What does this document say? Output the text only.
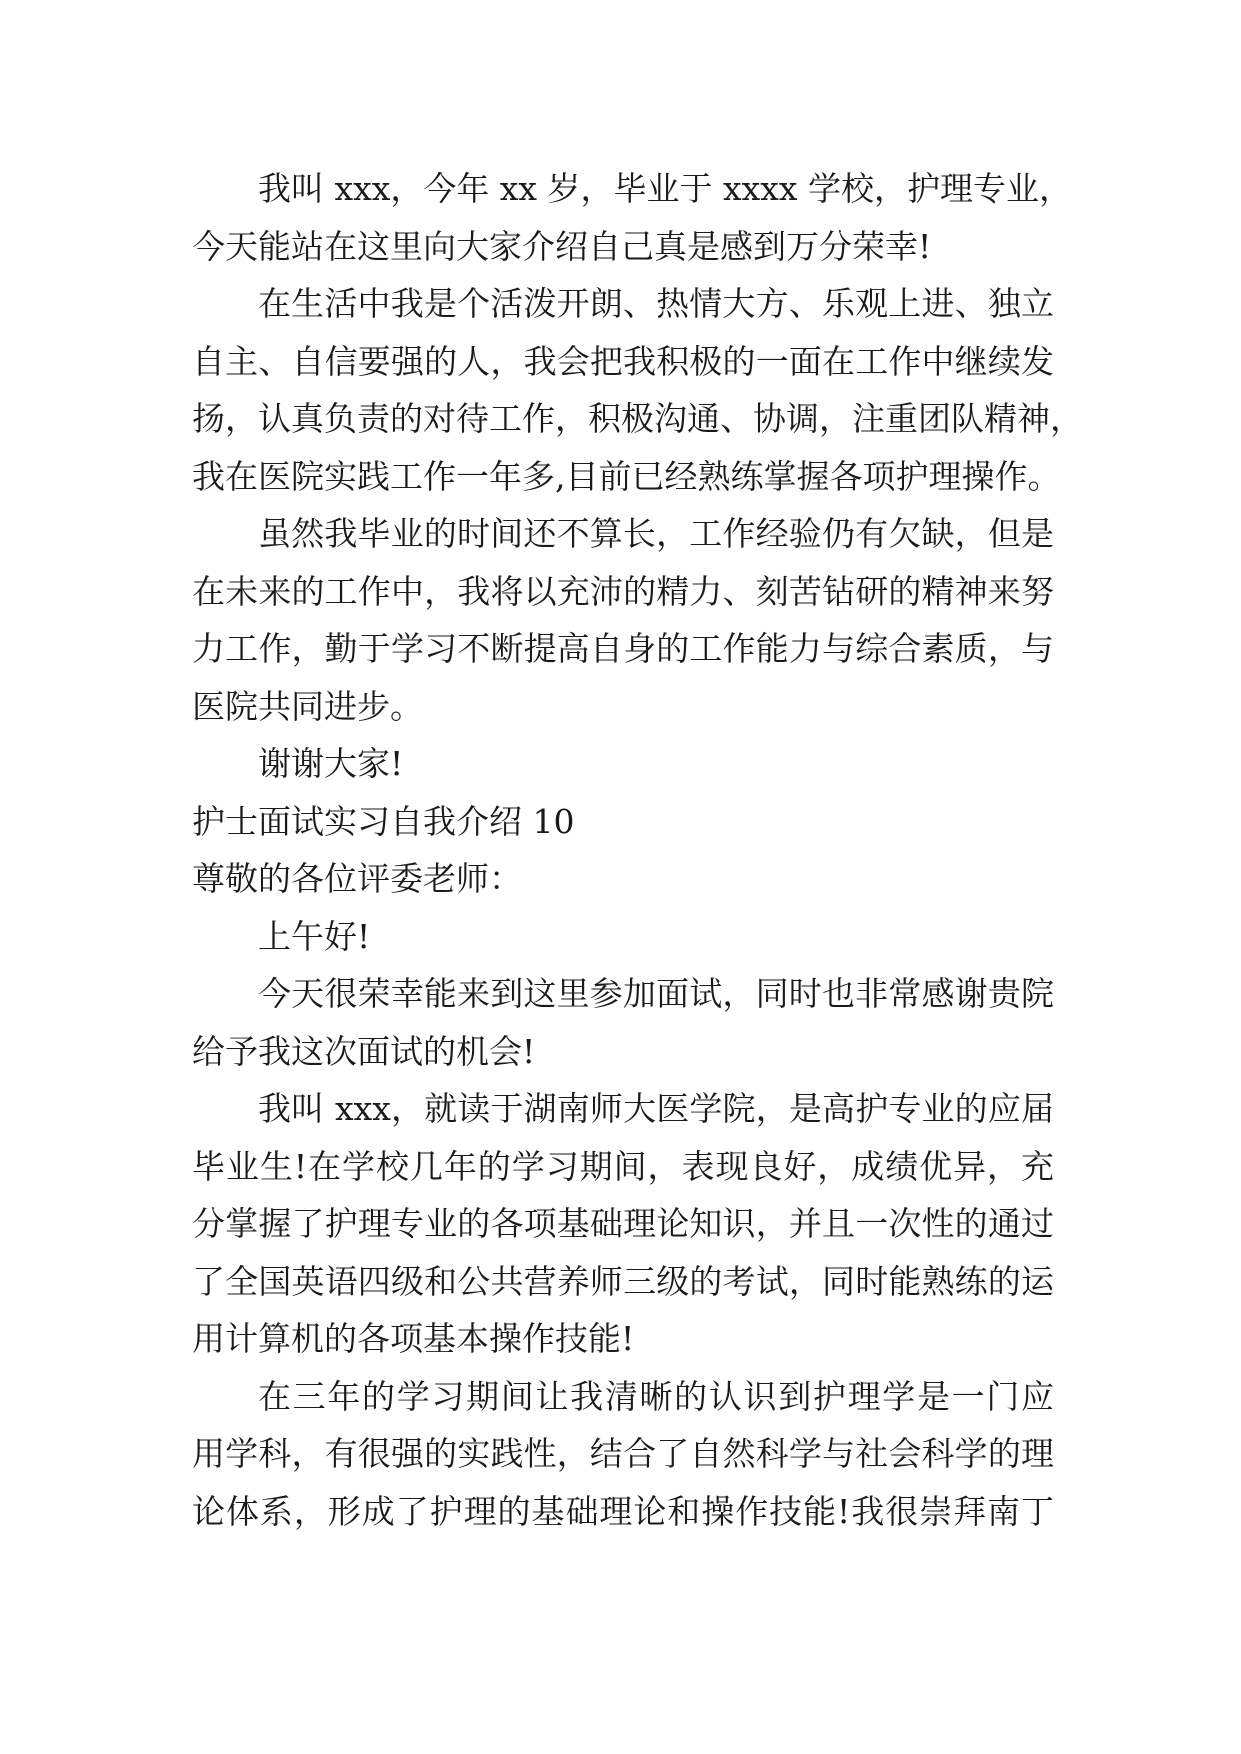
我叫 xxx，今年 xx 岁，毕业于 xxxx 学校，护理专业，
今天能站在这里向大家介绍自己真是感到万分荣幸!
在生活中我是个活泼开朗、热情大方、乐观上进、独立
自主、自信要强的人，我会把我积极的一面在工作中继续发
扬，认真负责的对待工作，积极沟通、协调，注重团队精神，
我在医院实践工作一年多,目前已经熟练掌握各项护理操作。
虽然我毕业的时间还不算长，工作经验仍有欠缺，但是
在未来的工作中，我将以充沛的精力、刻苦钻研的精神来努
力工作，勤于学习不断提高自身的工作能力与综合素质，与
医院共同进步。
谢谢大家!
护士面试实习自我介绍 10
尊敬的各位评委老师：
上午好!
今天很荣幸能来到这里参加面试，同时也非常感谢贵院
给予我这次面试的机会!
我叫 xxx，就读于湖南师大医学院，是高护专业的应届
毕业生!在学校几年的学习期间，表现良好，成绩优异，充
分掌握了护理专业的各项基础理论知识，并且一次性的通过
了全国英语四级和公共营养师三级的考试，同时能熟练的运
用计算机的各项基本操作技能!
在三年的学习期间让我清晰的认识到护理学是一门应
用学科，有很强的实践性，结合了自然科学与社会科学的理
论体系，形成了护理的基础理论和操作技能!我很崇拜南丁
